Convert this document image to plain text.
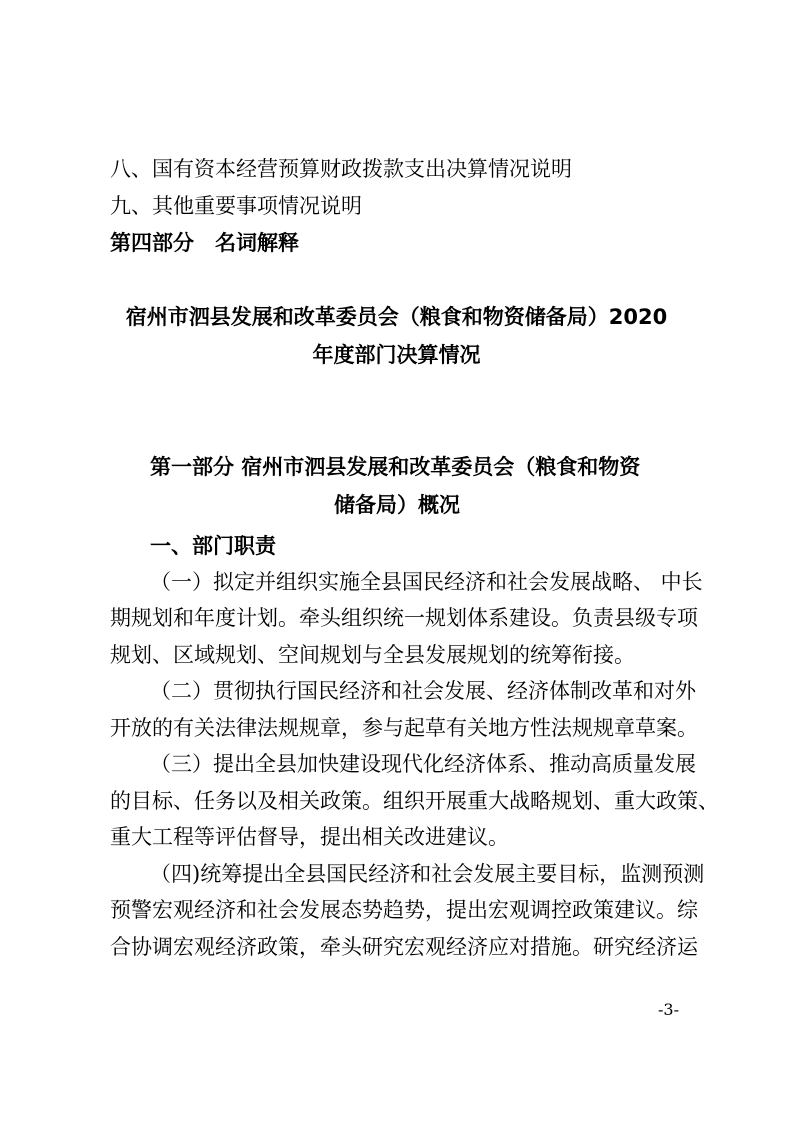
八、国有资本经营预算财政拨款支出决算情况说明
九、其他重要事项情况说明
第四部分　名词解释
宿州市泗县发展和改革委员会（粮食和物资储备局）2020
年度部门决算情况
第一部分 宿州市泗县发展和改革委员会（粮食和物资
储备局）概况
一、部门职责
（一）拟定并组织实施全县国民经济和社会发展战略、 中长
期规划和年度计划。牵头组织统一规划体系建设。负责县级专项
规划、区域规划、空间规划与全县发展规划的统筹衔接。
（二）贯彻执行国民经济和社会发展、经济体制改革和对外
开放的有关法律法规规章，参与起草有关地方性法规规章草案。
（三）提出全县加快建设现代化经济体系、推动高质量发展
的目标、任务以及相关政策。组织开展重大战略规划、重大政策、
重大工程等评估督导，提出相关改进建议。
（四)统筹提出全县国民经济和社会发展主要目标，监测预测
预警宏观经济和社会发展态势趋势，提出宏观调控政策建议。综
合协调宏观经济政策，牵头研究宏观经济应对措施。研究经济运
-3-
